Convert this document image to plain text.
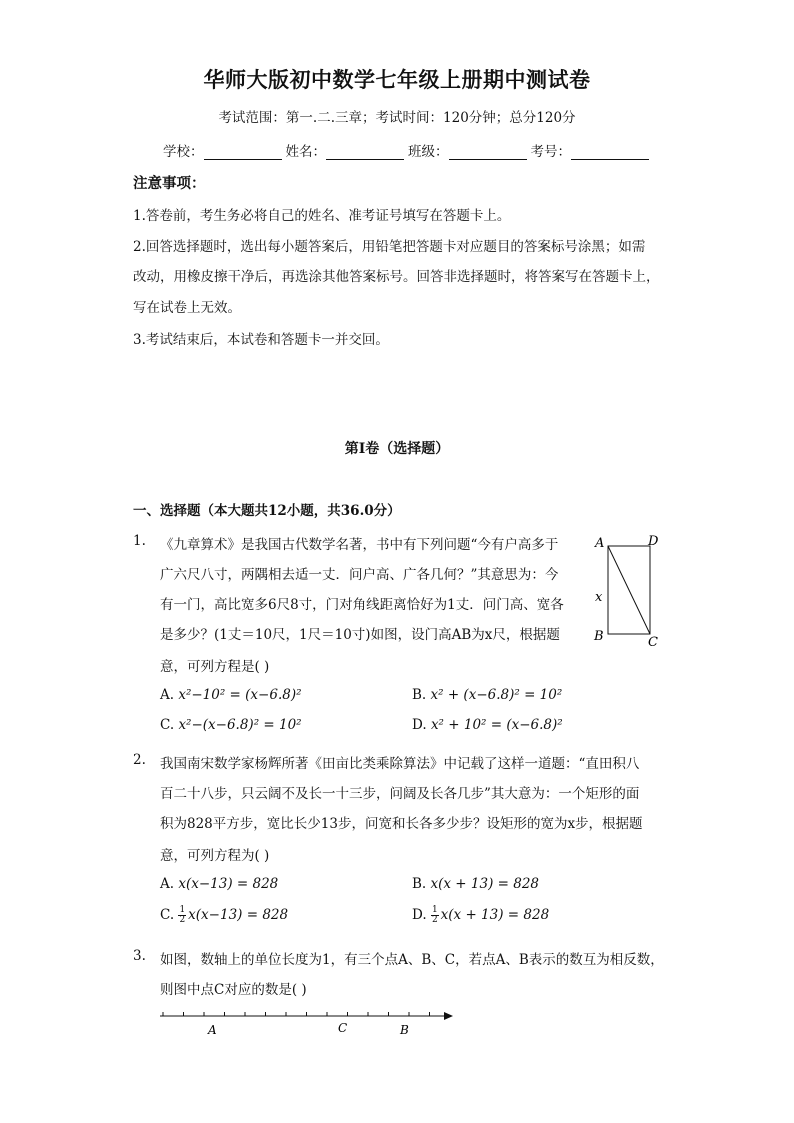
华师大版初中数学七年级上册期中测试卷
考试范围：第一.二.三章；考试时间：120分钟；总分120分
学校：	姓名：	班级：	考号：
注意事项：
1.答卷前，考生务必将自己的姓名、准考证号填写在答题卡上。
2.回答选择题时，选出每小题答案后，用铅笔把答题卡对应题目的答案标号涂黑；如需
改动，用橡皮擦干净后，再选涂其他答案标号。回答非选择题时，将答案写在答题卡上，
写在试卷上无效。
3.考试结束后，本试卷和答题卡一并交回。
第I卷（选择题）
一、选择题（本大题共12小题，共36.0分）
1. 《九章算术》是我国古代数学名著，书中有下列问题“今有户高多于
广六尺八寸，两隅相去适一丈．问户高、广各几何？”其意思为：今
有一门，高比宽多6尺8寸，门对角线距离恰好为1丈．问门高、宽各
是多少？(1丈＝10尺，1尺＝10寸)如图，设门高AB为x尺，根据题
意，可列方程是( )
A	D
x
B	C
A. x²−10² = (x−6.8)²	B. x² + (x−6.8)² = 10²
C. x²−(x−6.8)² = 10²	D. x² + 10² = (x−6.8)²
2. 我国南宋数学家杨辉所著《田亩比类乘除算法》中记载了这样一道题：“直田积八
百二十八步，只云阔不及长一十三步，问阔及长各几步”其大意为：一个矩形的面
积为828平方步，宽比长少13步，问宽和长各多少步？设矩形的宽为x步，根据题
意，可列方程为( )
A. x(x−13) = 828	B. x(x + 13) = 828
C. $\frac{1}{2} x(x-13) = 828$	D. $\frac{1}{2} x(x + 13) = 828$
3. 如图，数轴上的单位长度为1，有三个点A、B、C，若点A、B表示的数互为相反数，
则图中点C对应的数是( )
A	C	B
